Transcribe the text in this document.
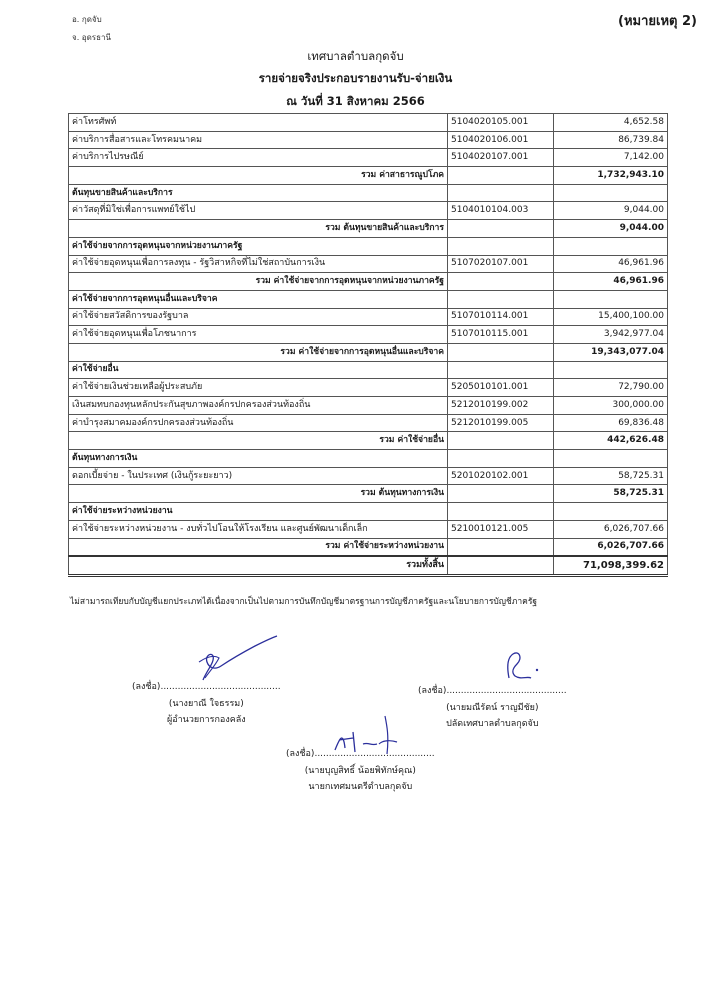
อ. กุดจับ
จ. อุดรธานี
(หมายเหตุ 2)
เทศบาลตำบลกุดจับ
รายจ่ายจริงประกอบรายงานรับ-จ่ายเงิน
ณ วันที่ 31 สิงหาคม 2566
ค่าโทรศัพท์	5104020105.001	4,652.58
ค่าบริการสื่อสารและโทรคมนาคม	5104020106.001	86,739.84
ค่าบริการไปรษณีย์	5104020107.001	7,142.00
รวม ค่าสาธารณูปโภค		1,732,943.10
ต้นทุนขายสินค้าและบริการ		
ค่าวัสดุที่มิใช่เพื่อการแพทย์ใช้ไป	5104010104.003	9,044.00
รวม ต้นทุนขายสินค้าและบริการ		9,044.00
ค่าใช้จ่ายจากการอุดหนุนจากหน่วยงานภาครัฐ		
ค่าใช้จ่ายอุดหนุนเพื่อการลงทุน - รัฐวิสาหกิจที่ไม่ใช่สถาบันการเงิน	5107020107.001	46,961.96
รวม ค่าใช้จ่ายจากการอุดหนุนจากหน่วยงานภาครัฐ		46,961.96
ค่าใช้จ่ายจากการอุดหนุนอื่นและบริจาค		
ค่าใช้จ่ายสวัสดิการของรัฐบาล	5107010114.001	15,400,100.00
ค่าใช้จ่ายอุดหนุนเพื่อโภชนาการ	5107010115.001	3,942,977.04
รวม ค่าใช้จ่ายจากการอุดหนุนอื่นและบริจาค		19,343,077.04
ค่าใช้จ่ายอื่น		
ค่าใช้จ่ายเงินช่วยเหลือผู้ประสบภัย	5205010101.001	72,790.00
เงินสมทบกองทุนหลักประกันสุขภาพองค์กรปกครองส่วนท้องถิ่น	5212010199.002	300,000.00
ค่าบำรุงสมาคมองค์กรปกครองส่วนท้องถิ่น	5212010199.005	69,836.48
รวม ค่าใช้จ่ายอื่น		442,626.48
ต้นทุนทางการเงิน		
ดอกเบี้ยจ่าย - ในประเทศ (เงินกู้ระยะยาว)	5201020102.001	58,725.31
รวม ต้นทุนทางการเงิน		58,725.31
ค่าใช้จ่ายระหว่างหน่วยงาน		
ค่าใช้จ่ายระหว่างหน่วยงาน - งบทั่วไปโอนให้โรงเรียน และศูนย์พัฒนาเด็กเล็ก	5210010121.005	6,026,707.66
รวม ค่าใช้จ่ายระหว่างหน่วยงาน		6,026,707.66
รวมทั้งสิ้น		71,098,399.62
ไม่สามารถเทียบกับบัญชีแยกประเภทได้เนื่องจากเป็นไปตามการบันทึกบัญชีมาตรฐานการบัญชีภาครัฐและนโยบายการบัญชีภาครัฐ
(ลงชื่อ)..........................................
(นางยาณี ใจธรรม)
ผู้อำนวยการกองคลัง
(ลงชื่อ)..........................................
(นายมณีรัตน์ ราญมีชัย)
ปลัดเทศบาลตำบลกุดจับ
(ลงชื่อ)..........................................
(นายบุญสิทธิ์ น้อยพิทักษ์คุณ)
นายกเทศมนตรีตำบลกุดจับ
